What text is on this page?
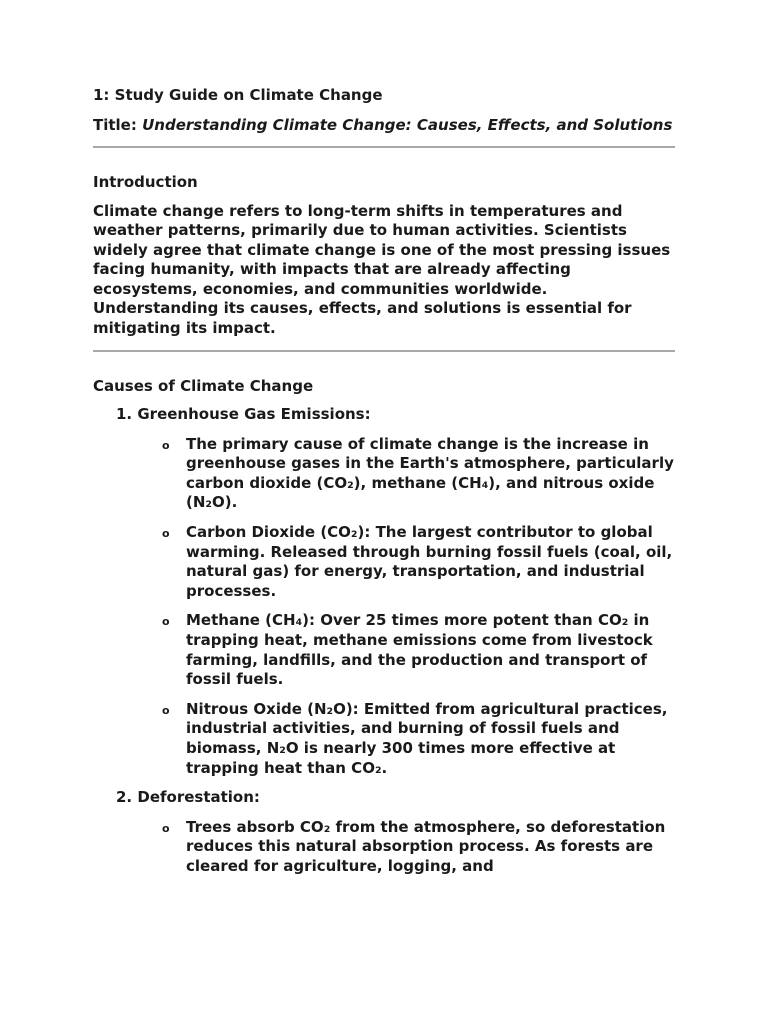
1: Study Guide on Climate Change

Title: Understanding Climate Change: Causes, Effects, and Solutions

Introduction

Climate change refers to long-term shifts in temperatures and weather patterns, primarily due to human activities. Scientists widely agree that climate change is one of the most pressing issues facing humanity, with impacts that are already affecting ecosystems, economies, and communities worldwide. Understanding its causes, effects, and solutions is essential for mitigating its impact.

Causes of Climate Change

1. Greenhouse Gas Emissions:

o The primary cause of climate change is the increase in greenhouse gases in the Earth's atmosphere, particularly carbon dioxide (CO₂), methane (CH₄), and nitrous oxide (N₂O).
o Carbon Dioxide (CO₂): The largest contributor to global warming. Released through burning fossil fuels (coal, oil, natural gas) for energy, transportation, and industrial processes.
o Methane (CH₄): Over 25 times more potent than CO₂ in trapping heat, methane emissions come from livestock farming, landfills, and the production and transport of fossil fuels.
o Nitrous Oxide (N₂O): Emitted from agricultural practices, industrial activities, and burning of fossil fuels and biomass, N₂O is nearly 300 times more effective at trapping heat than CO₂.

2. Deforestation:

o Trees absorb CO₂ from the atmosphere, so deforestation reduces this natural absorption process. As forests are cleared for agriculture, logging, and
